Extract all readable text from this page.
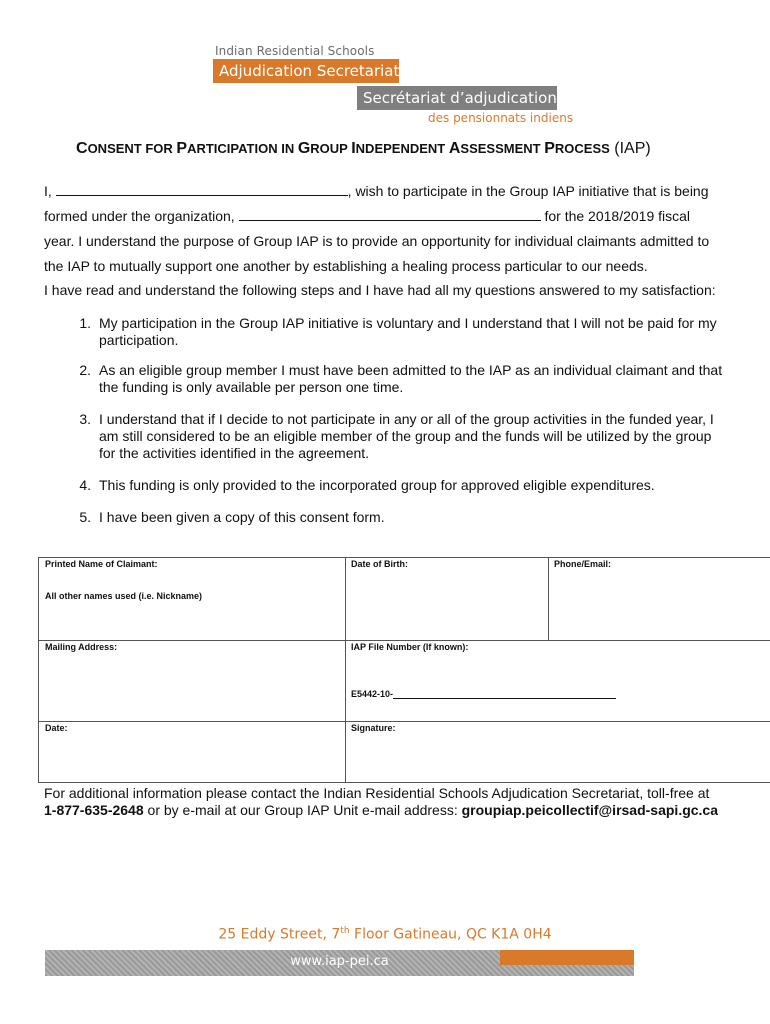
Indian Residential Schools
Adjudication Secretariat
Secrétariat d’adjudication
des pensionnats indiens
CONSENT FOR PARTICIPATION IN GROUP INDEPENDENT ASSESSMENT PROCESS (IAP)
I,	, wish to participate in the Group IAP initiative that is being
formed under the organization,	for the 2018/2019 fiscal
year. I understand the purpose of Group IAP is to provide an opportunity for individual claimants admitted to
the IAP to mutually support one another by establishing a healing process particular to our needs.
I have read and understand the following steps and I have had all my questions answered to my satisfaction:
1. My participation in the Group IAP initiative is voluntary and I understand that I will not be paid for my participation.
2. As an eligible group member I must have been admitted to the IAP as an individual claimant and that the funding is only available per person one time.
3. I understand that if I decide to not participate in any or all of the group activities in the funded year, I am still considered to be an eligible member of the group and the funds will be utilized by the group for the activities identified in the agreement.
4. This funding is only provided to the incorporated group for approved eligible expenditures.
5. I have been given a copy of this consent form.
Printed Name of Claimant:	Date of Birth:	Phone/Email:
All other names used (i.e. Nickname)
Mailing Address:	IAP File Number (If known):
E5442-10-
Date:	Signature:
For additional information please contact the Indian Residential Schools Adjudication Secretariat, toll-free at
1-877-635-2648 or by e-mail at our Group IAP Unit e-mail address: groupiap.peicollectif@irsad-sapi.gc.ca
25 Eddy Street, 7th Floor Gatineau, QC K1A 0H4
www.iap-pei.ca
